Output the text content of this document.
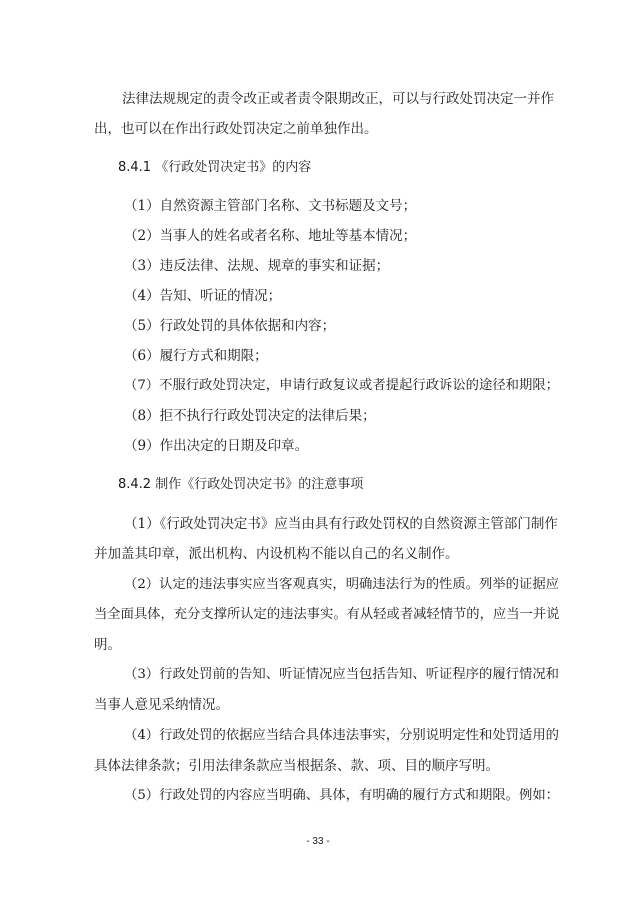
法律法规规定的责令改正或者责令限期改正，可以与行政处罚决定一并作
出，也可以在作出行政处罚决定之前单独作出。
8.4.1 《行政处罚决定书》的内容
（1）自然资源主管部门名称、文书标题及文号；
（2）当事人的姓名或者名称、地址等基本情况；
（3）违反法律、法规、规章的事实和证据；
（4）告知、听证的情况；
（5）行政处罚的具体依据和内容；
（6）履行方式和期限；
（7）不服行政处罚决定，申请行政复议或者提起行政诉讼的途径和期限；
（8）拒不执行行政处罚决定的法律后果；
（9）作出决定的日期及印章。
8.4.2 制作《行政处罚决定书》的注意事项
（1）《行政处罚决定书》应当由具有行政处罚权的自然资源主管部门制作
并加盖其印章，派出机构、内设机构不能以自己的名义制作。
（2）认定的违法事实应当客观真实，明确违法行为的性质。列举的证据应
当全面具体，充分支撑所认定的违法事实。有从轻或者减轻情节的，应当一并说
明。
（3）行政处罚前的告知、听证情况应当包括告知、听证程序的履行情况和
当事人意见采纳情况。
（4）行政处罚的依据应当结合具体违法事实，分别说明定性和处罚适用的
具体法律条款；引用法律条款应当根据条、款、项、目的顺序写明。
（5）行政处罚的内容应当明确、具体，有明确的履行方式和期限。例如：
- 33 -
